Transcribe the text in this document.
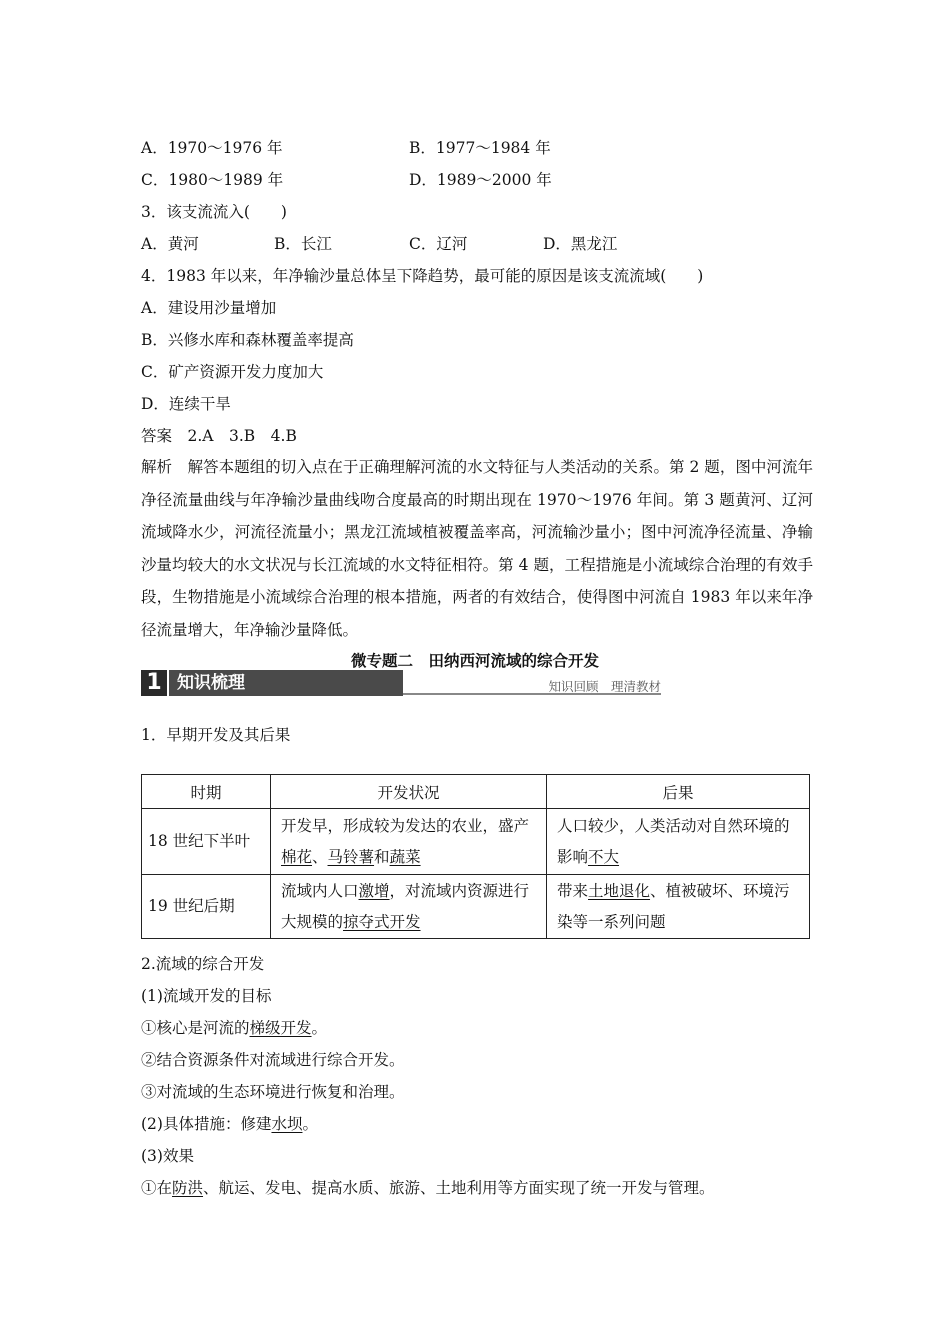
A．1970～1976 年	B．1977～1984 年
C．1980～1989 年	D．1989～2000 年
3．该支流流入(　　)
A．黄河	B．长江	C．辽河	D．黑龙江
4．1983 年以来，年净输沙量总体呈下降趋势，最可能的原因是该支流流域(　　)
A．建设用沙量增加
B．兴修水库和森林覆盖率提高
C．矿产资源开发力度加大
D．连续干旱
答案　2.A　3.B　4.B
解析　解答本题组的切入点在于正确理解河流的水文特征与人类活动的关系。第 2 题，图中河流年净径流量曲线与年净输沙量曲线吻合度最高的时期出现在 1970～1976 年间。第 3 题黄河、辽河流域降水少，河流径流量小；黑龙江流域植被覆盖率高，河流输沙量小；图中河流净径流量、净输沙量均较大的水文状况与长江流域的水文特征相符。第 4 题，工程措施是小流域综合治理的有效手段，生物措施是小流域综合治理的根本措施，两者的有效结合，使得图中河流自 1983 年以来年净径流量增大，年净输沙量降低。
微专题二　田纳西河流域的综合开发
1 知识梳理	知识回顾　理清教材
1．早期开发及其后果
时期	开发状况	后果
18 世纪下半叶	开发早，形成较为发达的农业，盛产棉花、马铃薯和蔬菜	人口较少，人类活动对自然环境的影响不大
19 世纪后期	流域内人口激增，对流域内资源进行大规模的掠夺式开发	带来土地退化、植被破坏、环境污染等一系列问题
2.流域的综合开发
(1)流域开发的目标
①核心是河流的梯级开发。
②结合资源条件对流域进行综合开发。
③对流域的生态环境进行恢复和治理。
(2)具体措施：修建水坝。
(3)效果
①在防洪、航运、发电、提高水质、旅游、土地利用等方面实现了统一开发与管理。
